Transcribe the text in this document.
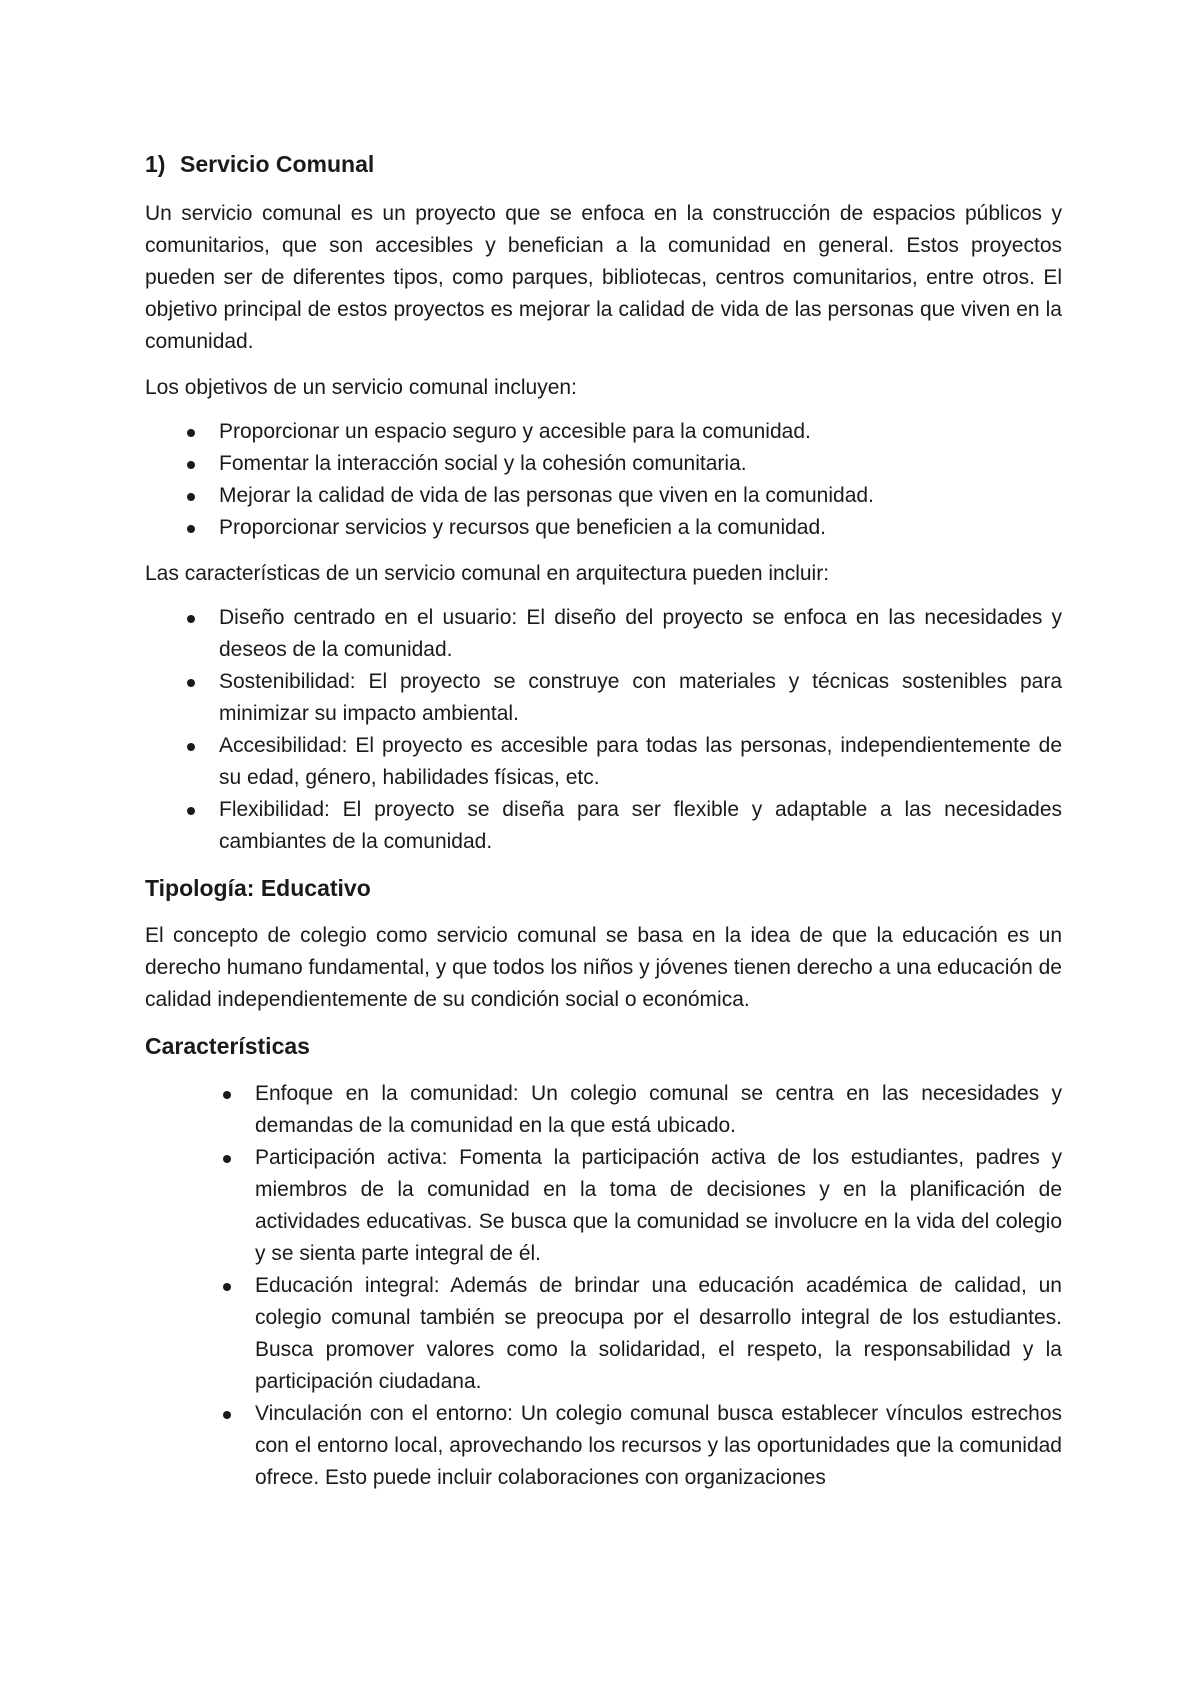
1) Servicio Comunal

Un servicio comunal es un proyecto que se enfoca en la construcción de espacios públicos y comunitarios, que son accesibles y benefician a la comunidad en general. Estos proyectos pueden ser de diferentes tipos, como parques, bibliotecas, centros comunitarios, entre otros. El objetivo principal de estos proyectos es mejorar la calidad de vida de las personas que viven en la comunidad.

Los objetivos de un servicio comunal incluyen:

Proporcionar un espacio seguro y accesible para la comunidad.
Fomentar la interacción social y la cohesión comunitaria.
Mejorar la calidad de vida de las personas que viven en la comunidad.
Proporcionar servicios y recursos que beneficien a la comunidad.

Las características de un servicio comunal en arquitectura pueden incluir:

Diseño centrado en el usuario: El diseño del proyecto se enfoca en las necesidades y deseos de la comunidad.
Sostenibilidad: El proyecto se construye con materiales y técnicas sostenibles para minimizar su impacto ambiental.
Accesibilidad: El proyecto es accesible para todas las personas, independientemente de su edad, género, habilidades físicas, etc.
Flexibilidad: El proyecto se diseña para ser flexible y adaptable a las necesidades cambiantes de la comunidad.
Tipología: Educativo

El concepto de colegio como servicio comunal se basa en la idea de que la educación es un derecho humano fundamental, y que todos los niños y jóvenes tienen derecho a una educación de calidad independientemente de su condición social o económica.

Características
Enfoque en la comunidad: Un colegio comunal se centra en las necesidades y demandas de la comunidad en la que está ubicado.
Participación activa: Fomenta la participación activa de los estudiantes, padres y miembros de la comunidad en la toma de decisiones y en la planificación de actividades educativas. Se busca que la comunidad se involucre en la vida del colegio y se sienta parte integral de él.
Educación integral: Además de brindar una educación académica de calidad, un colegio comunal también se preocupa por el desarrollo integral de los estudiantes. Busca promover valores como la solidaridad, el respeto, la responsabilidad y la participación ciudadana.
Vinculación con el entorno: Un colegio comunal busca establecer vínculos estrechos con el entorno local, aprovechando los recursos y las oportunidades que la comunidad ofrece. Esto puede incluir colaboraciones con organizaciones
